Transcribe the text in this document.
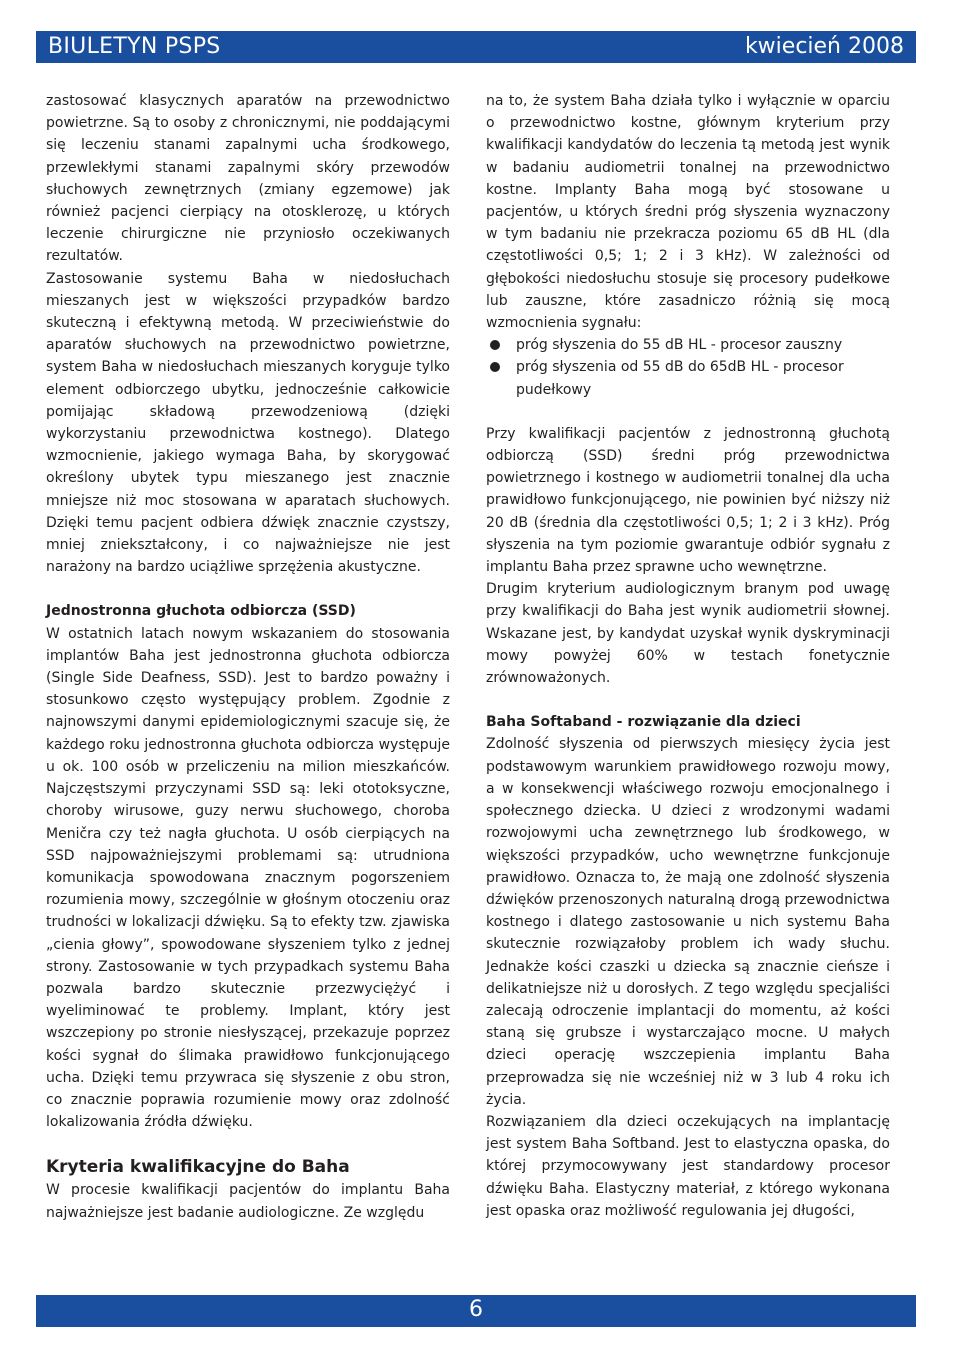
BIULETYN PSPS	kwiecień 2008

zastosować klasycznych aparatów na przewodnictwo powietrzne. Są to osoby z chronicznymi, nie poddającymi się leczeniu stanami zapalnymi ucha środkowego, przewlekłymi stanami zapalnymi skóry przewodów słuchowych zewnętrznych (zmiany egzemowe) jak również pacjenci cierpiący na otosklerozę, u których leczenie chirurgiczne nie przyniosło oczekiwanych rezultatów.

Zastosowanie systemu Baha w niedosłuchach mieszanych jest w większości przypadków bardzo skuteczną i efektywną metodą. W przeciwieństwie do aparatów słuchowych na przewodnictwo powietrzne, system Baha w niedosłuchach mieszanych koryguje tylko element odbiorczego ubytku, jednocześnie całkowicie pomijając składową przewodzeniową (dzięki wykorzystaniu przewodnictwa kostnego). Dlatego wzmocnienie, jakiego wymaga Baha, by skorygować określony ubytek typu mieszanego jest znacznie mniejsze niż moc stosowana w aparatach słuchowych. Dzięki temu pacjent odbiera dźwięk znacznie czystszy, mniej zniekształcony, i co najważniejsze nie jest narażony na bardzo uciążliwe sprzężenia akustyczne.

Jednostronna głuchota odbiorcza (SSD)

W ostatnich latach nowym wskazaniem do stosowania implantów Baha jest jednostronna głuchota odbiorcza (Single Side Deafness, SSD). Jest to bardzo poważny i stosunkowo często występujący problem. Zgodnie z najnowszymi danymi epidemiologicznymi szacuje się, że każdego roku jednostronna głuchota odbiorcza występuje u ok. 100 osób w przeliczeniu na milion mieszkańców. Najczęstszymi przyczynami SSD są: leki ototoksyczne, choroby wirusowe, guzy nerwu słuchowego, choroba Meničra czy też nagła głuchota. U osób cierpiących na SSD najpoważniejszymi problemami są: utrudniona komunikacja spowodowana znacznym pogorszeniem rozumienia mowy, szczególnie w głośnym otoczeniu oraz trudności w lokalizacji dźwięku. Są to efekty tzw. zjawiska „cienia głowy”, spowodowane słyszeniem tylko z jednej strony. Zastosowanie w tych przypadkach systemu Baha pozwala bardzo skutecznie przezwyciężyć i wyeliminować te problemy. Implant, który jest wszczepiony po stronie niesłyszącej, przekazuje poprzez kości sygnał do ślimaka prawidłowo funkcjonującego ucha. Dzięki temu przywraca się słyszenie z obu stron, co znacznie poprawia rozumienie mowy oraz zdolność lokalizowania źródła dźwięku.

Kryteria kwalifikacyjne do Baha

W procesie kwalifikacji pacjentów do implantu Baha najważniejsze jest badanie audiologiczne. Ze względu

na to, że system Baha działa tylko i wyłącznie w oparciu o przewodnictwo kostne, głównym kryterium przy kwalifikacji kandydatów do leczenia tą metodą jest wynik w badaniu audiometrii tonalnej na przewodnictwo kostne. Implanty Baha mogą być stosowane u pacjentów, u których średni próg słyszenia wyznaczony w tym badaniu nie przekracza poziomu 65 dB HL (dla częstotliwości 0,5; 1; 2 i 3 kHz). W zależności od głębokości niedosłuchu stosuje się procesory pudełkowe lub zauszne, które zasadniczo różnią się mocą wzmocnienia sygnału:

próg słyszenia do 55 dB HL - procesor zauszny
próg słyszenia od 55 dB do 65dB HL - procesor pudełkowy

Przy kwalifikacji pacjentów z jednostronną głuchotą odbiorczą (SSD) średni próg przewodnictwa powietrznego i kostnego w audiometrii tonalnej dla ucha prawidłowo funkcjonującego, nie powinien być niższy niż 20 dB (średnia dla częstotliwości 0,5; 1; 2 i 3 kHz). Próg słyszenia na tym poziomie gwarantuje odbiór sygnału z implantu Baha przez sprawne ucho wewnętrzne.

Drugim kryterium audiologicznym branym pod uwagę przy kwalifikacji do Baha jest wynik audiometrii słownej. Wskazane jest, by kandydat uzyskał wynik dyskryminacji mowy powyżej 60% w testach fonetycznie zrównoważonych.

Baha Softaband - rozwiązanie dla dzieci

Zdolność słyszenia od pierwszych miesięcy życia jest podstawowym warunkiem prawidłowego rozwoju mowy, a w konsekwencji właściwego rozwoju emocjonalnego i społecznego dziecka. U dzieci z wrodzonymi wadami rozwojowymi ucha zewnętrznego lub środkowego, w większości przypadków, ucho wewnętrzne funkcjonuje prawidłowo. Oznacza to, że mają one zdolność słyszenia dźwięków przenoszonych naturalną drogą przewodnictwa kostnego i dlatego zastosowanie u nich systemu Baha skutecznie rozwiązałoby problem ich wady słuchu. Jednakże kości czaszki u dziecka są znacznie cieńsze i delikatniejsze niż u dorosłych. Z tego względu specjaliści zalecają odroczenie implantacji do momentu, aż kości staną się grubsze i wystarczająco mocne. U małych dzieci operację wszczepienia implantu Baha przeprowadza się nie wcześniej niż w 3 lub 4 roku ich życia.

Rozwiązaniem dla dzieci oczekujących na implantację jest system Baha Softband. Jest to elastyczna opaska, do której przymocowywany jest standardowy procesor dźwięku Baha. Elastyczny materiał, z którego wykonana jest opaska oraz możliwość regulowania jej długości,

6
